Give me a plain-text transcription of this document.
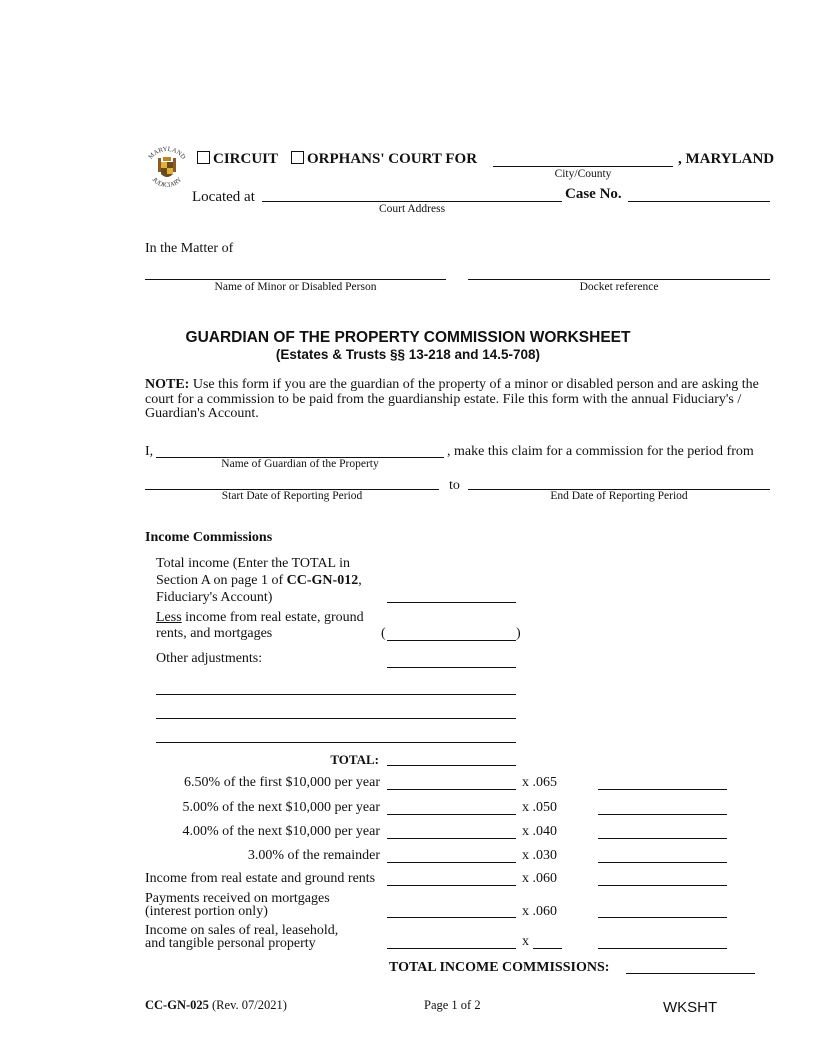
MARYLAND
JUDICIARY
CIRCUIT	ORPHANS' COURT FOR	, MARYLAND
City/County
Located at	Case No.
Court Address
In the Matter of
Name of Minor or Disabled Person	Docket reference
GUARDIAN OF THE PROPERTY COMMISSION WORKSHEET
(Estates & Trusts §§ 13-218 and 14.5-708)
NOTE: Use this form if you are the guardian of the property of a minor or disabled person and are asking the
court for a commission to be paid from the guardianship estate. File this form with the annual Fiduciary's /
Guardian's Account.
I,	, make this claim for a commission for the period from
Name of Guardian of the Property
to
Start Date of Reporting Period	End Date of Reporting Period
Income Commissions
Total income (Enter the TOTAL in
Section A on page 1 of CC-GN-012,
Fiduciary's Account)
Less income from real estate, ground
rents, and mortgages	(	)
Other adjustments:
TOTAL:
6.50% of the first $10,000 per year	x .065
5.00% of the next $10,000 per year	x .050
4.00% of the next $10,000 per year	x .040
3.00% of the remainder	x .030
Income from real estate and ground rents	x .060
Payments received on mortgages
(interest portion only)	x .060
Income on sales of real, leasehold,
and tangible personal property	x
TOTAL INCOME COMMISSIONS:
CC-GN-025 (Rev. 07/2021)	Page 1 of 2	WKSHT
